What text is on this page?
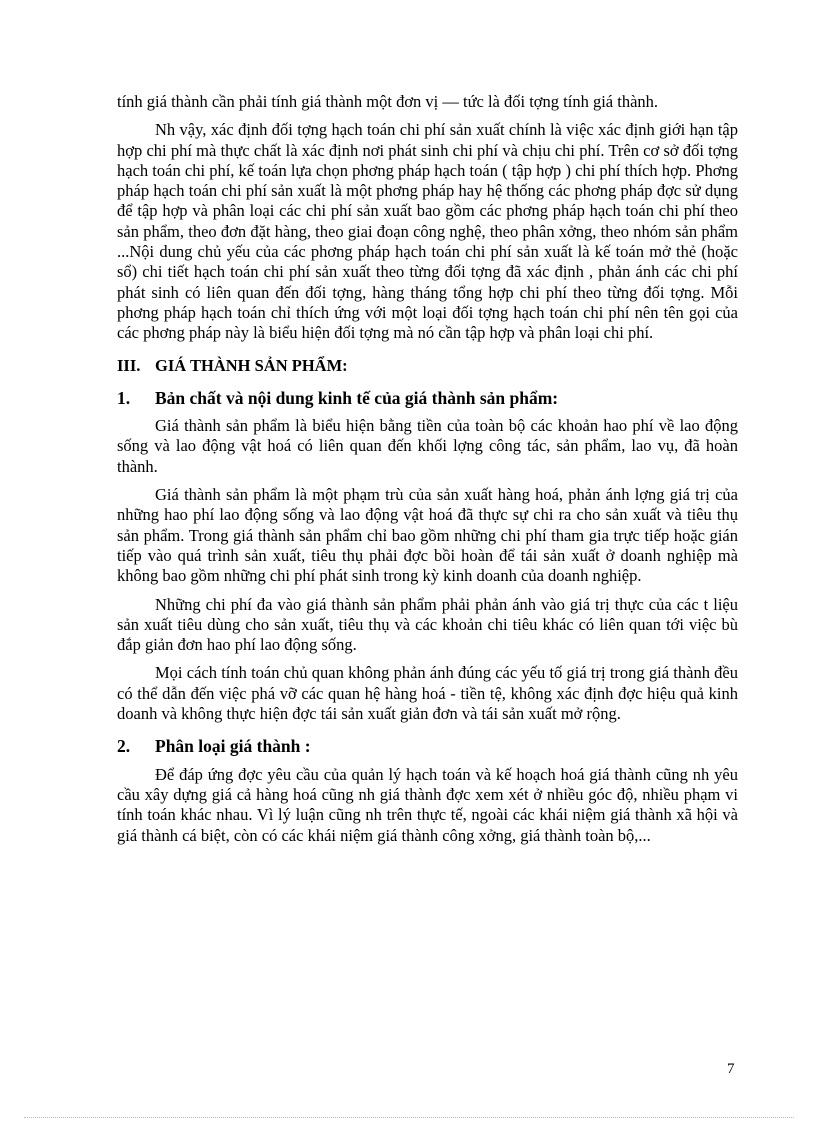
tính giá thành cần phải tính giá thành một đơn vị — tức là đối tợng tính giá thành.

Nh vậy, xác định đối tợng hạch toán chi phí sản xuất chính là việc xác định giới hạn tập hợp chi phí mà thực chất là xác định nơi phát sinh chi phí và chịu chi phí. Trên cơ sở đối tợng hạch toán chi phí, kế toán lựa chọn phơng pháp hạch toán ( tập hợp ) chi phí thích hợp. Phơng pháp hạch toán chi phí sản xuất là một phơng pháp hay hệ thống các phơng pháp đợc sử dụng để tập hợp và phân loại các chi phí sản xuất bao gồm các phơng pháp hạch toán chi phí theo sản phẩm, theo đơn đặt hàng, theo giai đoạn công nghệ, theo phân xởng, theo nhóm sản phẩm ...Nội dung chủ yếu của các phơng pháp hạch toán chi phí sản xuất là kế toán mở thẻ (hoặc sổ) chi tiết hạch toán chi phí sản xuất theo từng đối tợng đã xác định , phản ánh các chi phí phát sinh có liên quan đến đối tợng, hàng tháng tổng hợp chi phí theo từng đối tợng. Mỗi phơng pháp hạch toán chỉ thích ứng với một loại đối tợng hạch toán chi phí nên tên gọi của các phơng pháp này là biểu hiện đối tợng mà nó cần tập hợp và phân loại chi phí.

III. GIÁ THÀNH SẢN PHẨM:
1.	Bản chất và nội dung kinh tế của giá thành sản phẩm:

Giá thành sản phẩm là biểu hiện bằng tiền của toàn bộ các khoản hao phí về lao động sống và lao động vật hoá có liên quan đến khối lợng công tác, sản phẩm, lao vụ, đã hoàn thành.

Giá thành sản phẩm là một phạm trù của sản xuất hàng hoá, phản ánh lợng giá trị của những hao phí lao động sống và lao động vật hoá đã thực sự chi ra cho sản xuất và tiêu thụ sản phẩm. Trong giá thành sản phẩm chỉ bao gồm những chi phí tham gia trực tiếp hoặc gián tiếp vào quá trình sản xuất, tiêu thụ phải đợc bồi hoàn để tái sản xuất ở doanh nghiệp mà không bao gồm những chi phí phát sinh trong kỳ kinh doanh của doanh nghiệp.

Những chi phí đa vào giá thành sản phẩm phải phản ánh vào giá trị thực của các t liệu sản xuất tiêu dùng cho sản xuất, tiêu thụ và các khoản chi tiêu khác có liên quan tới việc bù đắp giản đơn hao phí lao động sống.

Mọi cách tính toán chủ quan không phản ánh đúng các yếu tố giá trị trong giá thành đều có thể dẫn đến việc phá vỡ các quan hệ hàng hoá - tiền tệ, không xác định đợc hiệu quả kinh doanh và không thực hiện đợc tái sản xuất giản đơn và tái sản xuất mở rộng.

2.	Phân loại giá thành :

Để đáp ứng đợc yêu cầu của quản lý hạch toán và kế hoạch hoá giá thành cũng nh yêu cầu xây dựng giá cả hàng hoá cũng nh giá thành đợc xem xét ở nhiều góc độ, nhiều phạm vi tính toán khác nhau. Vì lý luận cũng nh trên thực tế, ngoài các khái niệm giá thành xã hội và giá thành cá biệt, còn có các khái niệm giá thành công xởng, giá thành toàn bộ,...

7
